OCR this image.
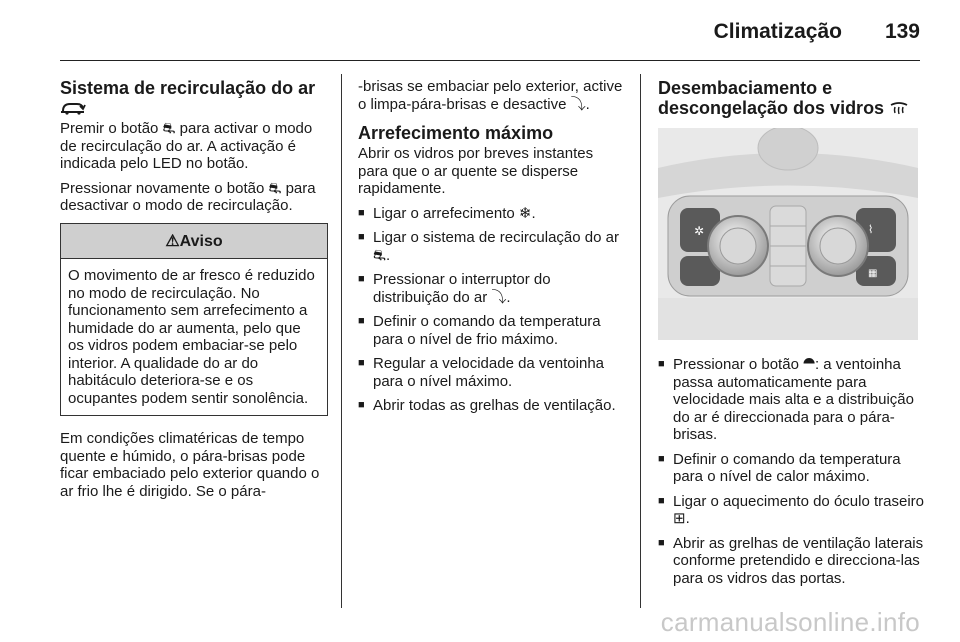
Climatização 139
Sistema de recirculação do ar

Premir o botão ⛐ para activar o modo de recirculação do ar. A activação é indicada pelo LED no botão.

Pressionar novamente o botão ⛐ para desactivar o modo de recirculação.

⚠Aviso
O movimento de ar fresco é reduzido no modo de recirculação. No funcionamento sem arrefecimento a humidade do ar aumenta, pelo que os vidros podem embaciar-se pelo interior. A qualidade do ar do habitáculo deteriora-se e os ocupantes podem sentir sonolência.

Em condições climatéricas de tempo quente e húmido, o pára-brisas pode ficar embaciado pelo exterior quando o ar frio lhe é dirigido. Se o pára-

-brisas se embaciar pelo exterior, active o limpa-pára-brisas e desactive ⤵.

Arrefecimento máximo

Abrir os vidros por breves instantes para que o ar quente se disperse rapidamente.

■ Ligar o arrefecimento ❄.
■ Ligar o sistema de recirculação do ar ⛐.
■ Pressionar o interruptor do distribuição do ar ⤵.
■ Definir o comando da temperatura para o nível de frio máximo.
■ Regular a velocidade da ventoinha para o nível máximo.
■ Abrir todas as grelhas de ventilação.
Desembaciamento e descongelação dos vidros
✲	⌇
▦
■ Pressionar o botão ⯊: a ventoinha passa automaticamente para velocidade mais alta e a distribuição do ar é direccionada para o pára-brisas.
■ Definir o comando da temperatura para o nível de calor máximo.
■ Ligar o aquecimento do óculo traseiro ⊞.
■ Abrir as grelhas de ventilação laterais conforme pretendido e direcciona-las para os vidros das portas.
carmanualsonline.info
